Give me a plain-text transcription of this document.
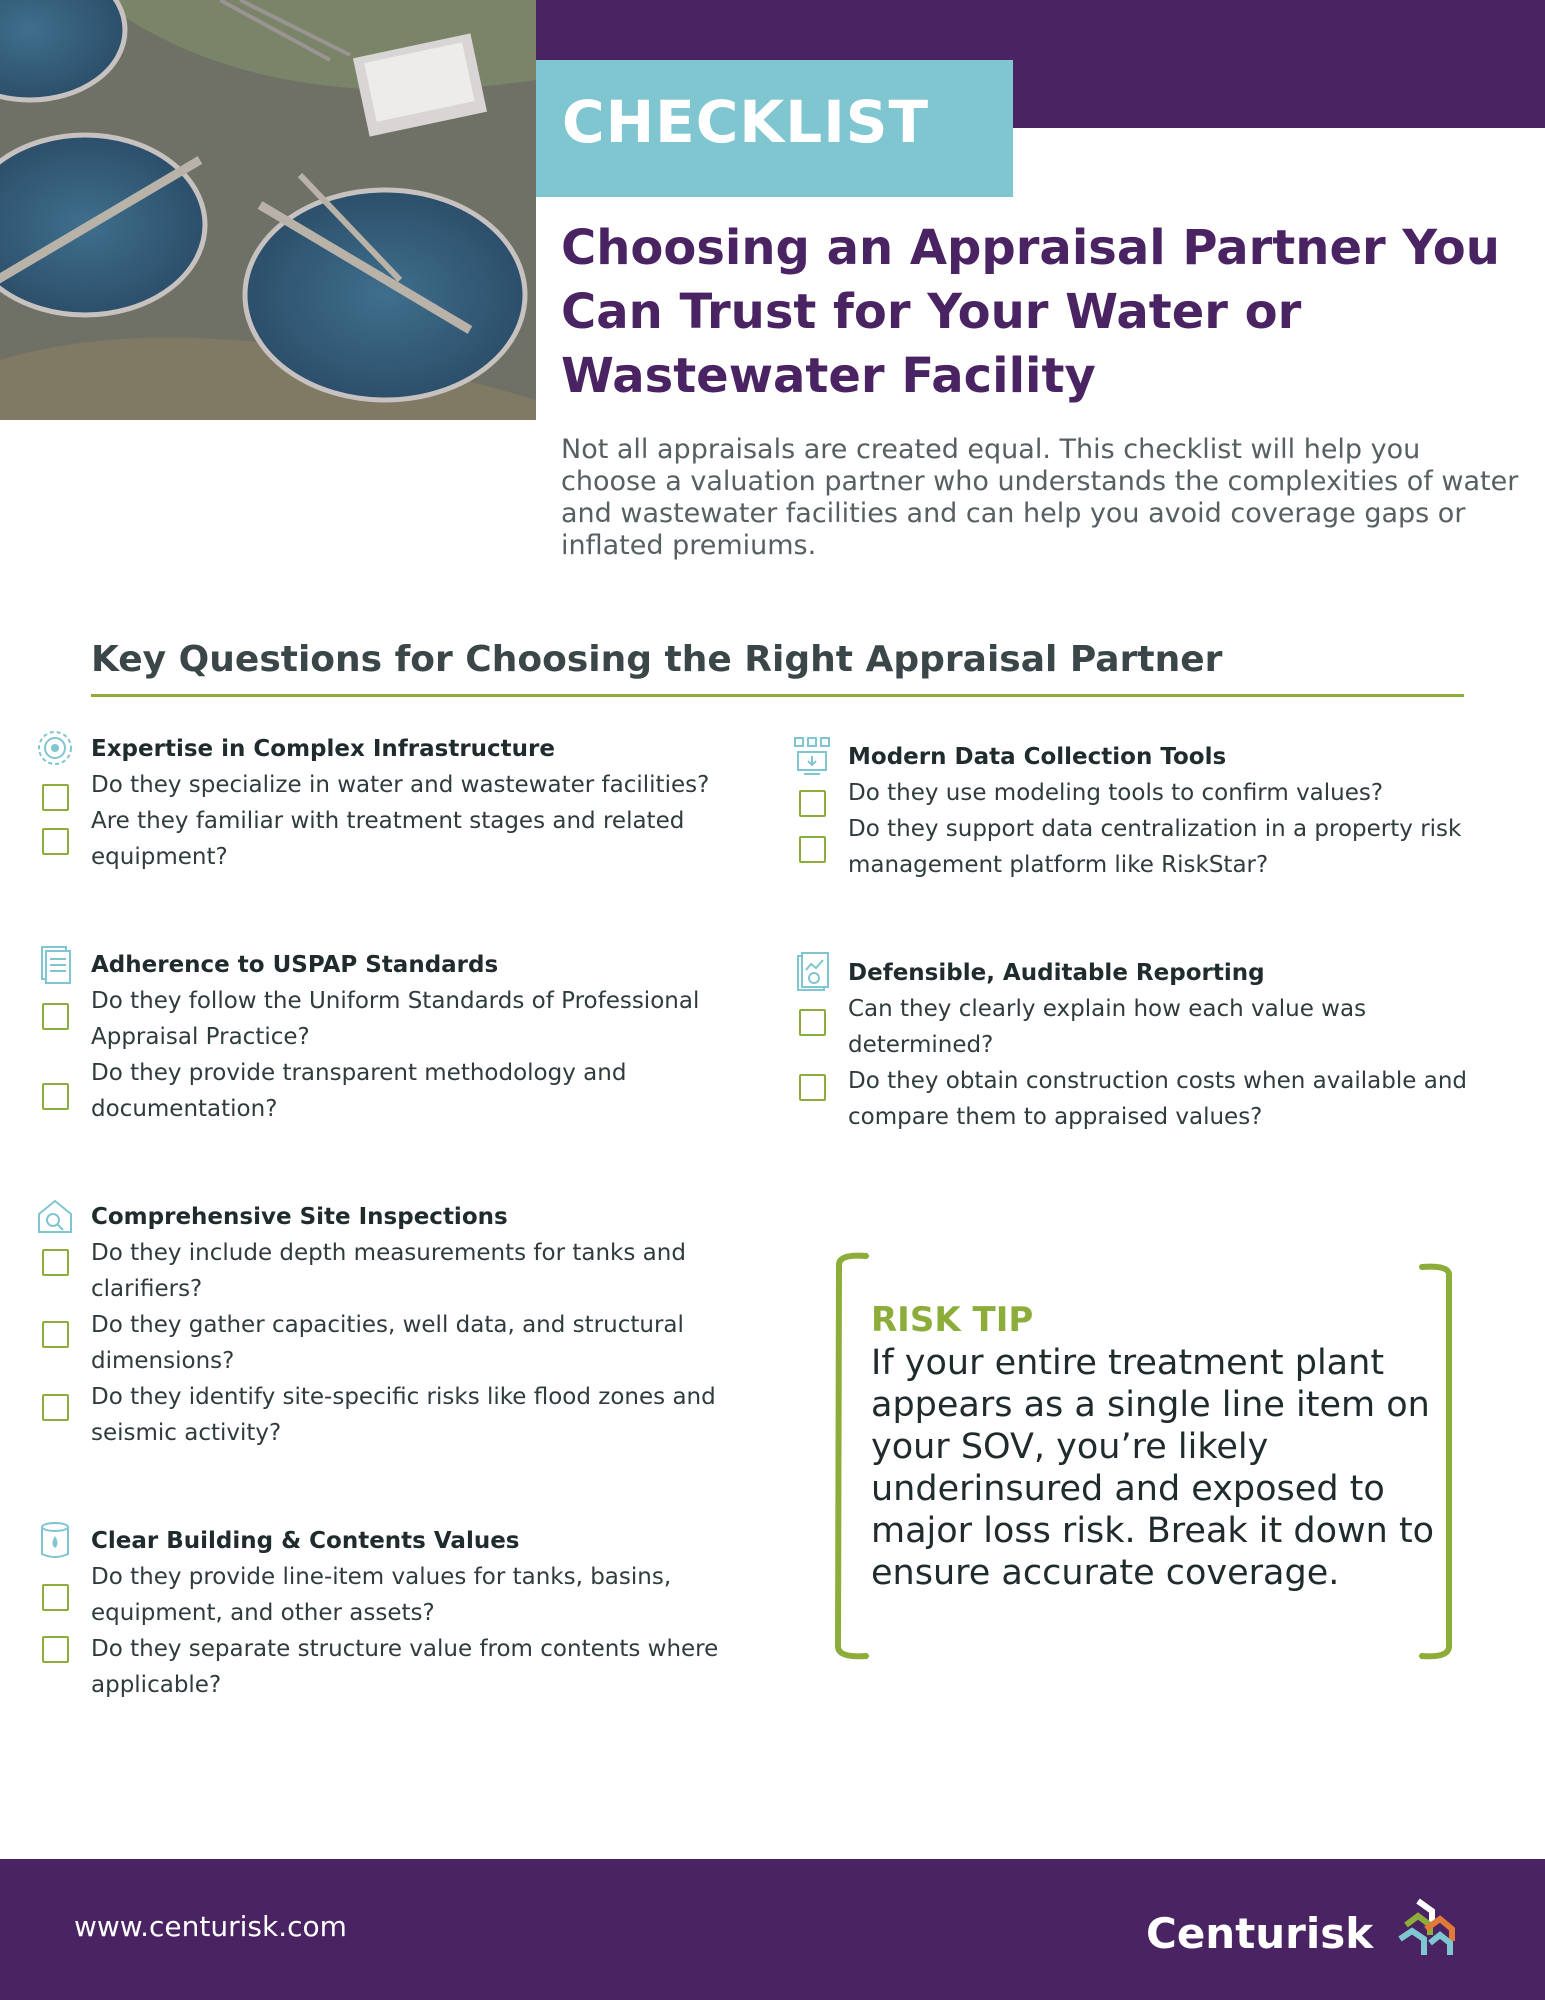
CHECKLIST

Choosing an Appraisal Partner You Can Trust for Your Water or Wastewater Facility

Not all appraisals are created equal. This checklist will help you choose a valuation partner who understands the complexities of water and wastewater facilities and can help you avoid coverage gaps or inflated premiums.

Key Questions for Choosing the Right Appraisal Partner

Expertise in Complex Infrastructure

Do they specialize in water and wastewater facilities?

Are they familiar with treatment stages and related equipment?

Adherence to USPAP Standards

Do they follow the Uniform Standards of Professional Appraisal Practice?

Do they provide transparent methodology and documentation?

Comprehensive Site Inspections

Do they include depth measurements for tanks and clarifiers?

Do they gather capacities, well data, and structural dimensions?

Do they identify site-specific risks like flood zones and seismic activity?

Clear Building & Contents Values

Do they provide line-item values for tanks, basins, equipment, and other assets?

Do they separate structure value from contents where applicable?

Modern Data Collection Tools

Do they use modeling tools to confirm values?

Do they support data centralization in a property risk management platform like RiskStar?

Defensible, Auditable Reporting

Can they clearly explain how each value was determined?

Do they obtain construction costs when available and compare them to appraised values?

RISK TIP

If your entire treatment plant appears as a single line item on your SOV, you’re likely underinsured and exposed to major loss risk. Break it down to ensure accurate coverage.

www.centurisk.com	Centurisk
